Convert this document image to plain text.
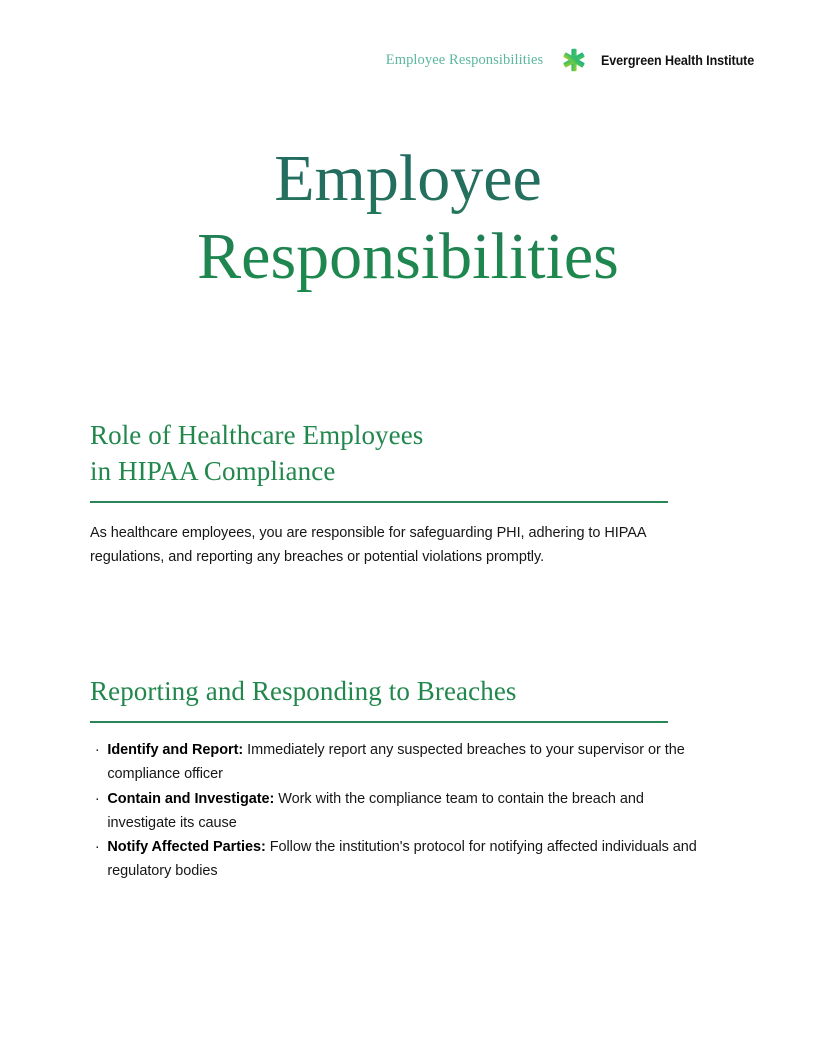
Employee Responsibilities	Evergreen Health Institute
Employee
Responsibilities
Role of Healthcare Employees
in HIPAA Compliance

As healthcare employees, you are responsible for safeguarding PHI, adhering to HIPAA regulations, and reporting any breaches or potential violations promptly.

Reporting and Responding to Breaches
· Identify and Report: Immediately report any suspected breaches to your supervisor or the compliance officer
· Contain and Investigate: Work with the compliance team to contain the breach and investigate its cause
· Notify Affected Parties: Follow the institution's protocol for notifying affected individuals and regulatory bodies
